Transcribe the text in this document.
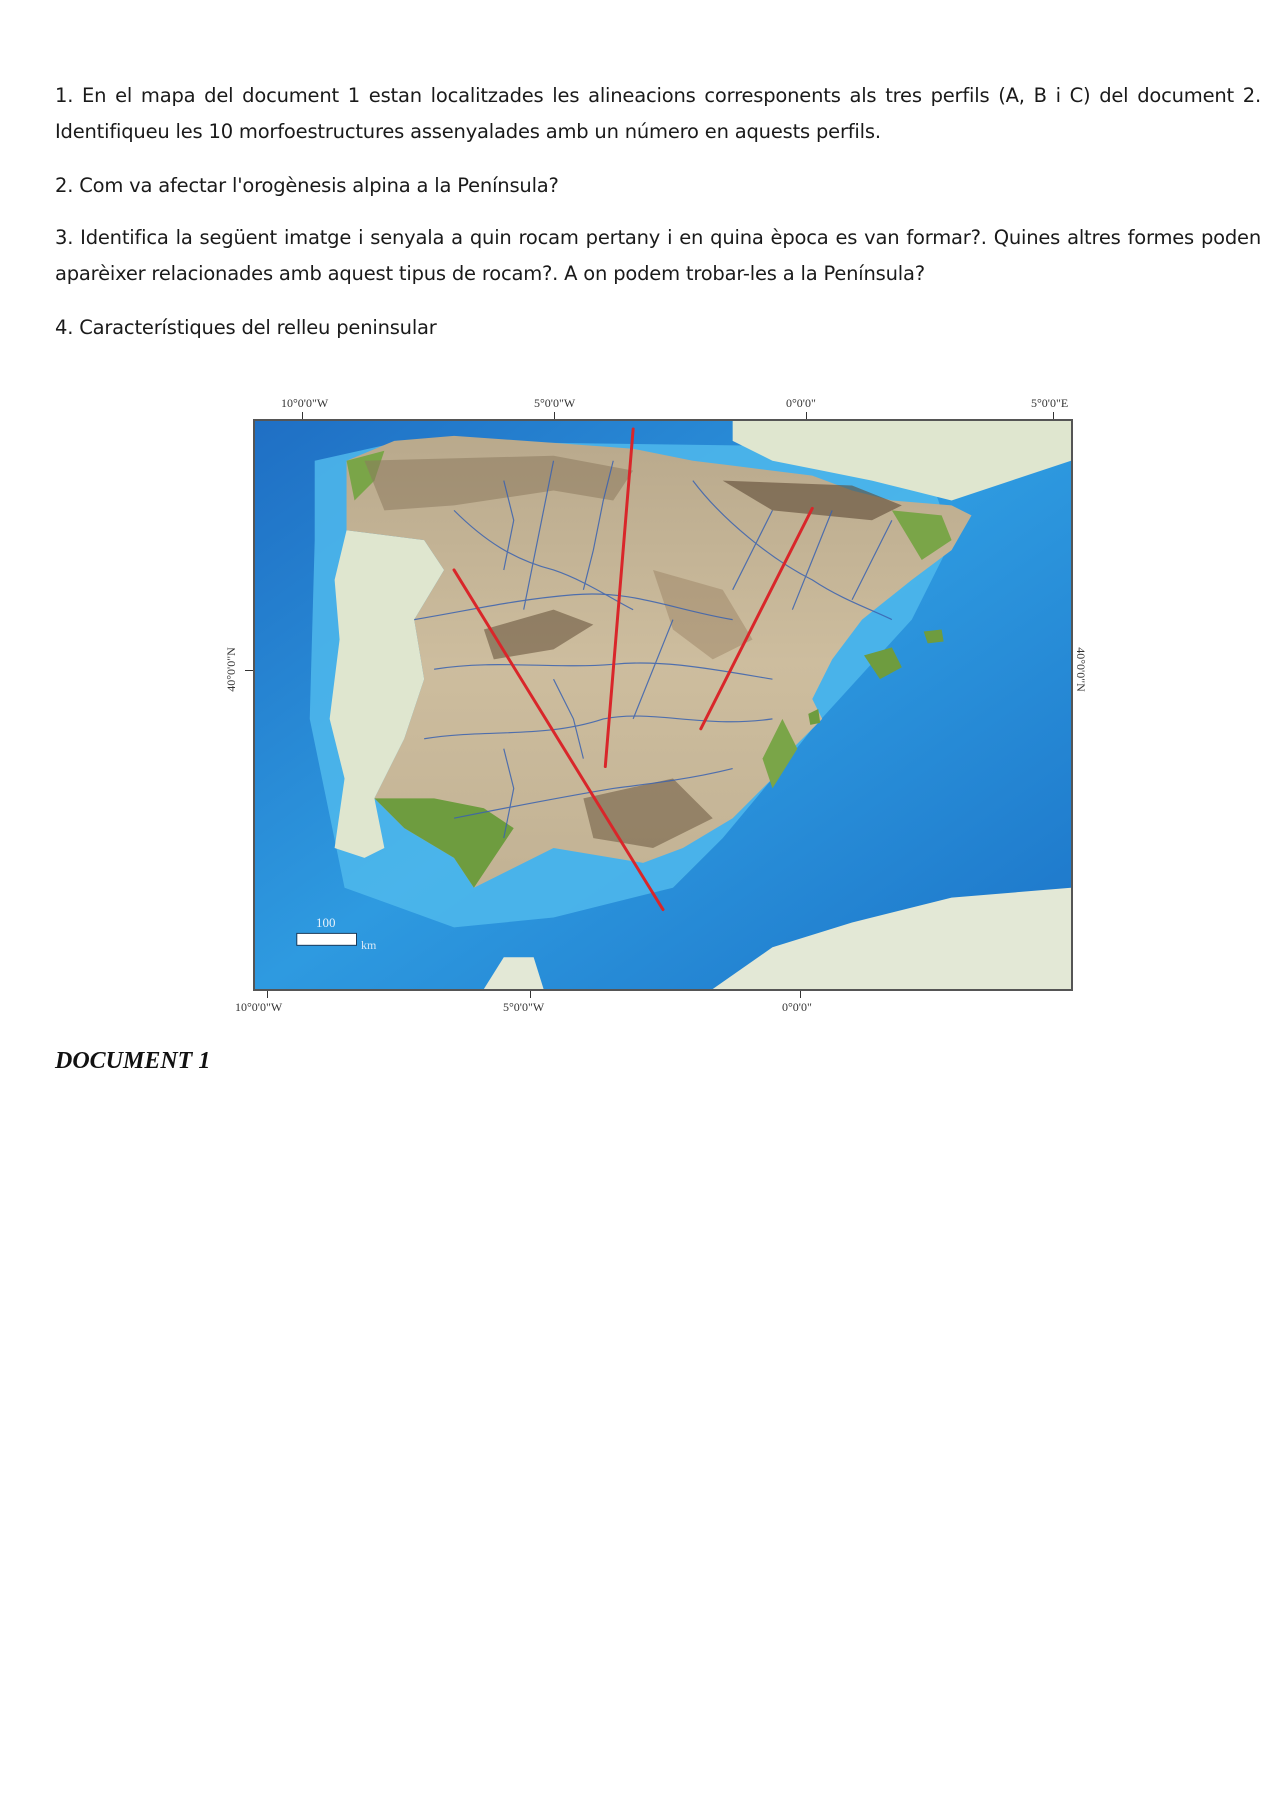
1. En el mapa del document 1 estan localitzades les alineacions corresponents als tres perfils (A, B i C) del document 2.
Identifiqueu les 10 morfoestructures assenyalades amb un número en aquests perfils.
2. Com va afectar l'orogènesis alpina a la Península?
3. Identifica la següent imatge i senyala a quin rocam pertany i en quina època es van formar?. Quines altres formes poden
aparèixer relacionades amb aquest tipus de rocam?. A on podem trobar-les a la Península?
4. Característiques del relleu peninsular
10°0'0"W	5°0'0"W	0°0'0"	5°0'0"E
40°0'0"N	40°0'0"N
100
km
10°0'0"W	5°0'0"W	0°0'0"
DOCUMENT 1
